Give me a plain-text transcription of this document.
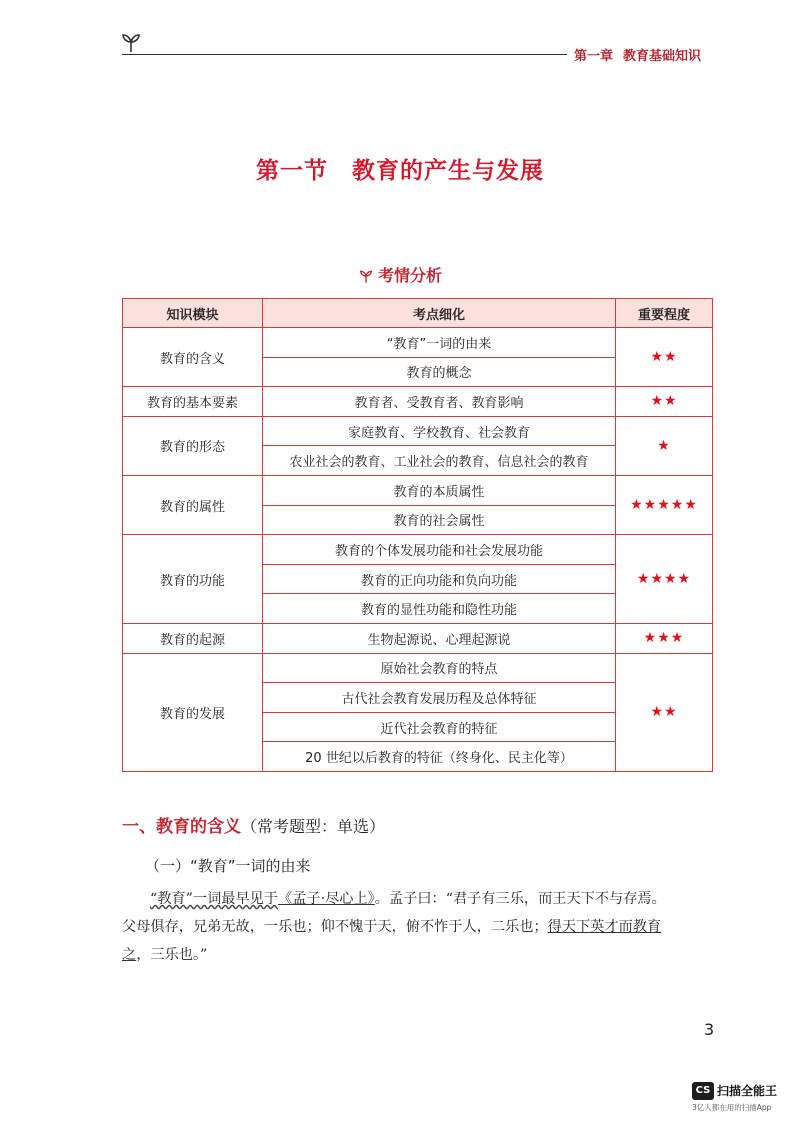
第一章 教育基础知识
第一节 教育的产生与发展
考情分析
知识模块	考点细化	重要程度
教育的含义	“教育”一词的由来	★★
	教育的概念	
教育的基本要素	教育者、受教育者、教育影响	★★
教育的形态	家庭教育、学校教育、社会教育	★
	农业社会的教育、工业社会的教育、信息社会的教育	
教育的属性	教育的本质属性	★★★★★
	教育的社会属性	
教育的功能	教育的个体发展功能和社会发展功能	★★★★
	教育的正向功能和负向功能	
	教育的显性功能和隐性功能	
教育的起源	生物起源说、心理起源说	★★★
教育的发展	原始社会教育的特点	★★
	古代社会教育发展历程及总体特征	
	近代社会教育的特征	
	20 世纪以后教育的特征（终身化、民主化等）	
一、教育的含义（常考题型：单选）
（一）“教育”一词的由来
“教育”一词最早见于《孟子·尽心上》。孟子曰：“君子有三乐，而王天下不与存焉。
父母俱存，兄弟无故，一乐也；仰不愧于天，俯不怍于人，二乐也；得天下英才而教育
之，三乐也。”
3
CS 扫描全能王
3亿人都在用的扫描App
